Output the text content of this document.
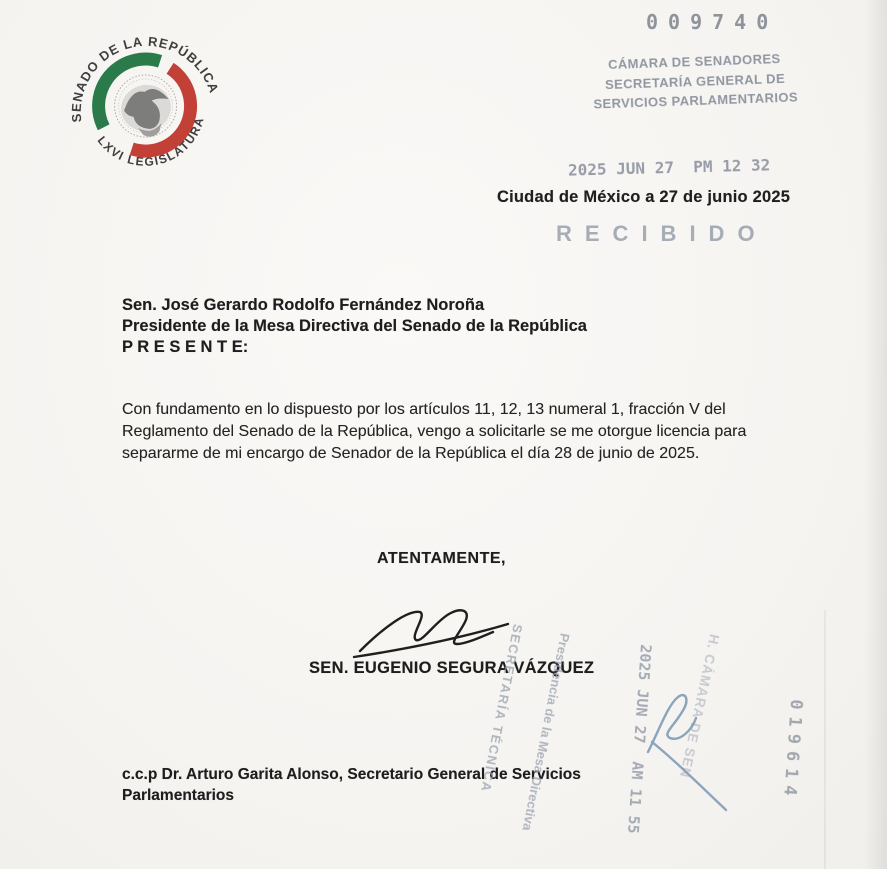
SENADO DE LA REPÚBLICA
LXVI LEGISLATURA
009740
CÁMARA DE SENADORES
SECRETARÍA GENERAL DE
SERVICIOS PARLAMENTARIOS
2025 JUN 27  PM 12 32
Ciudad de México a 27 de junio 2025
RECIBIDO
Sen. José Gerardo Rodolfo Fernández Noroña
Presidente de la Mesa Directiva del Senado de la República
P R E S E N T E:

Con fundamento en lo dispuesto por los artículos 11, 12, 13 numeral 1, fracción V del Reglamento del Senado de la República, vengo a solicitarle se me otorgue licencia para separarme de mi encargo de Senador de la República el día 28 de junio de 2025.

ATENTAMENTE,
SEN. EUGENIO SEGURA VÁZQUEZ
c.c.p Dr. Arturo Garita Alonso, Secretario General de Servicios Parlamentarios

	Presidencia de la Mesa Directiva

SECRETARÍA TÉCNICA

	2025 JUN 27  AM 11 55 H. CÁMARA DE SEN	019614
